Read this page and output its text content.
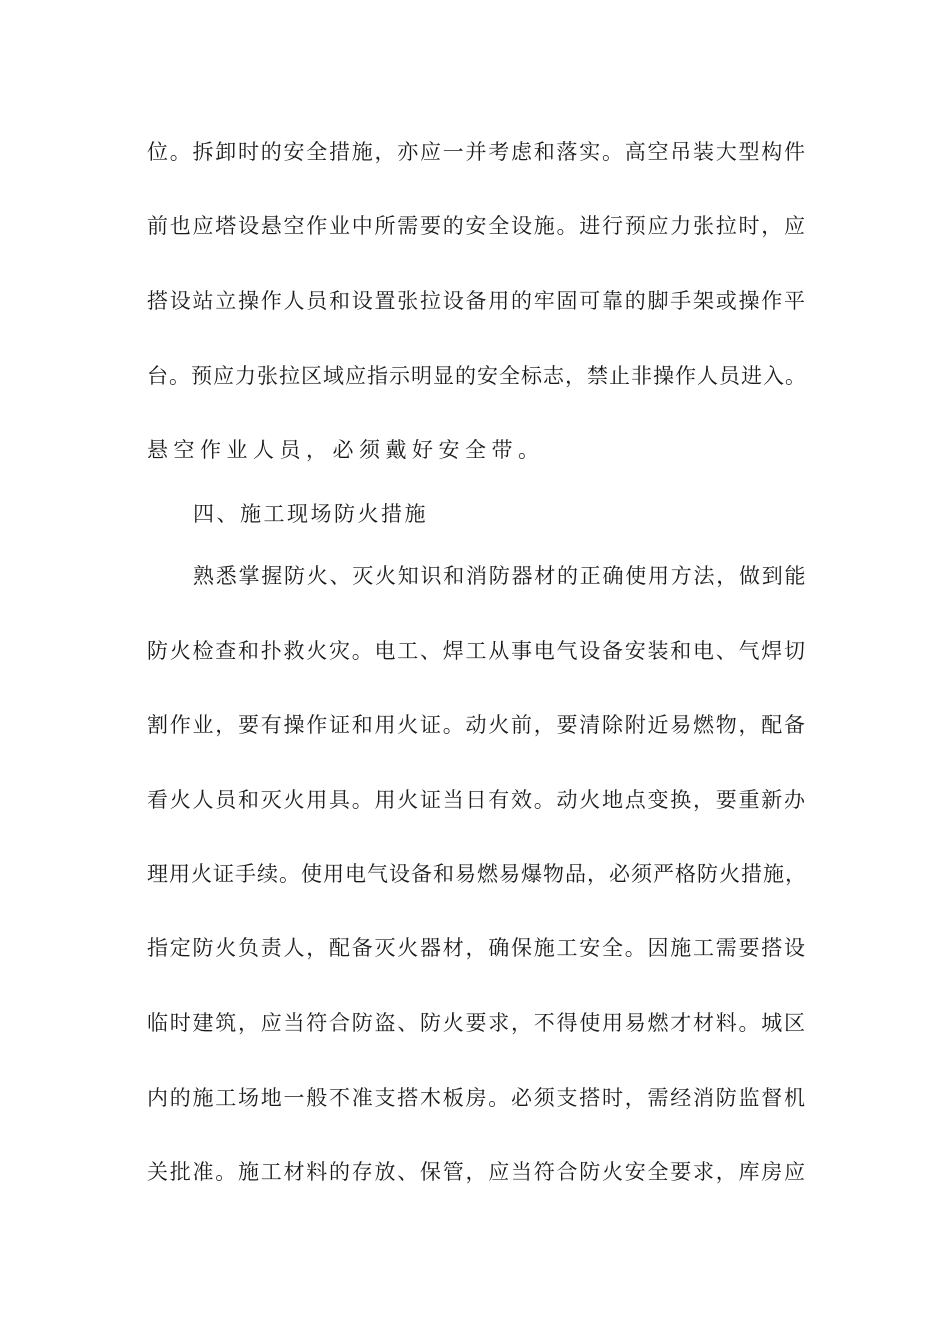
位。拆卸时的安全措施，亦应一并考虑和落实。高空吊装大型构件
前也应塔设悬空作业中所需要的安全设施。进行预应力张拉时，应
搭设站立操作人员和设置张拉设备用的牢固可靠的脚手架或操作平
台。预应力张拉区域应指示明显的安全标志，禁止非操作人员进入。
悬空作业人员，必须戴好安全带。
四、施工现场防火措施
熟悉掌握防火、灭火知识和消防器材的正确使用方法，做到能
防火检查和扑救火灾。电工、焊工从事电气设备安装和电、气焊切
割作业，要有操作证和用火证。动火前，要清除附近易燃物，配备
看火人员和灭火用具。用火证当日有效。动火地点变换，要重新办
理用火证手续。使用电气设备和易燃易爆物品，必须严格防火措施，
指定防火负责人，配备灭火器材，确保施工安全。因施工需要搭设
临时建筑，应当符合防盗、防火要求，不得使用易燃才材料。城区
内的施工场地一般不准支搭木板房。必须支搭时，需经消防监督机
关批准。施工材料的存放、保管，应当符合防火安全要求，库房应
